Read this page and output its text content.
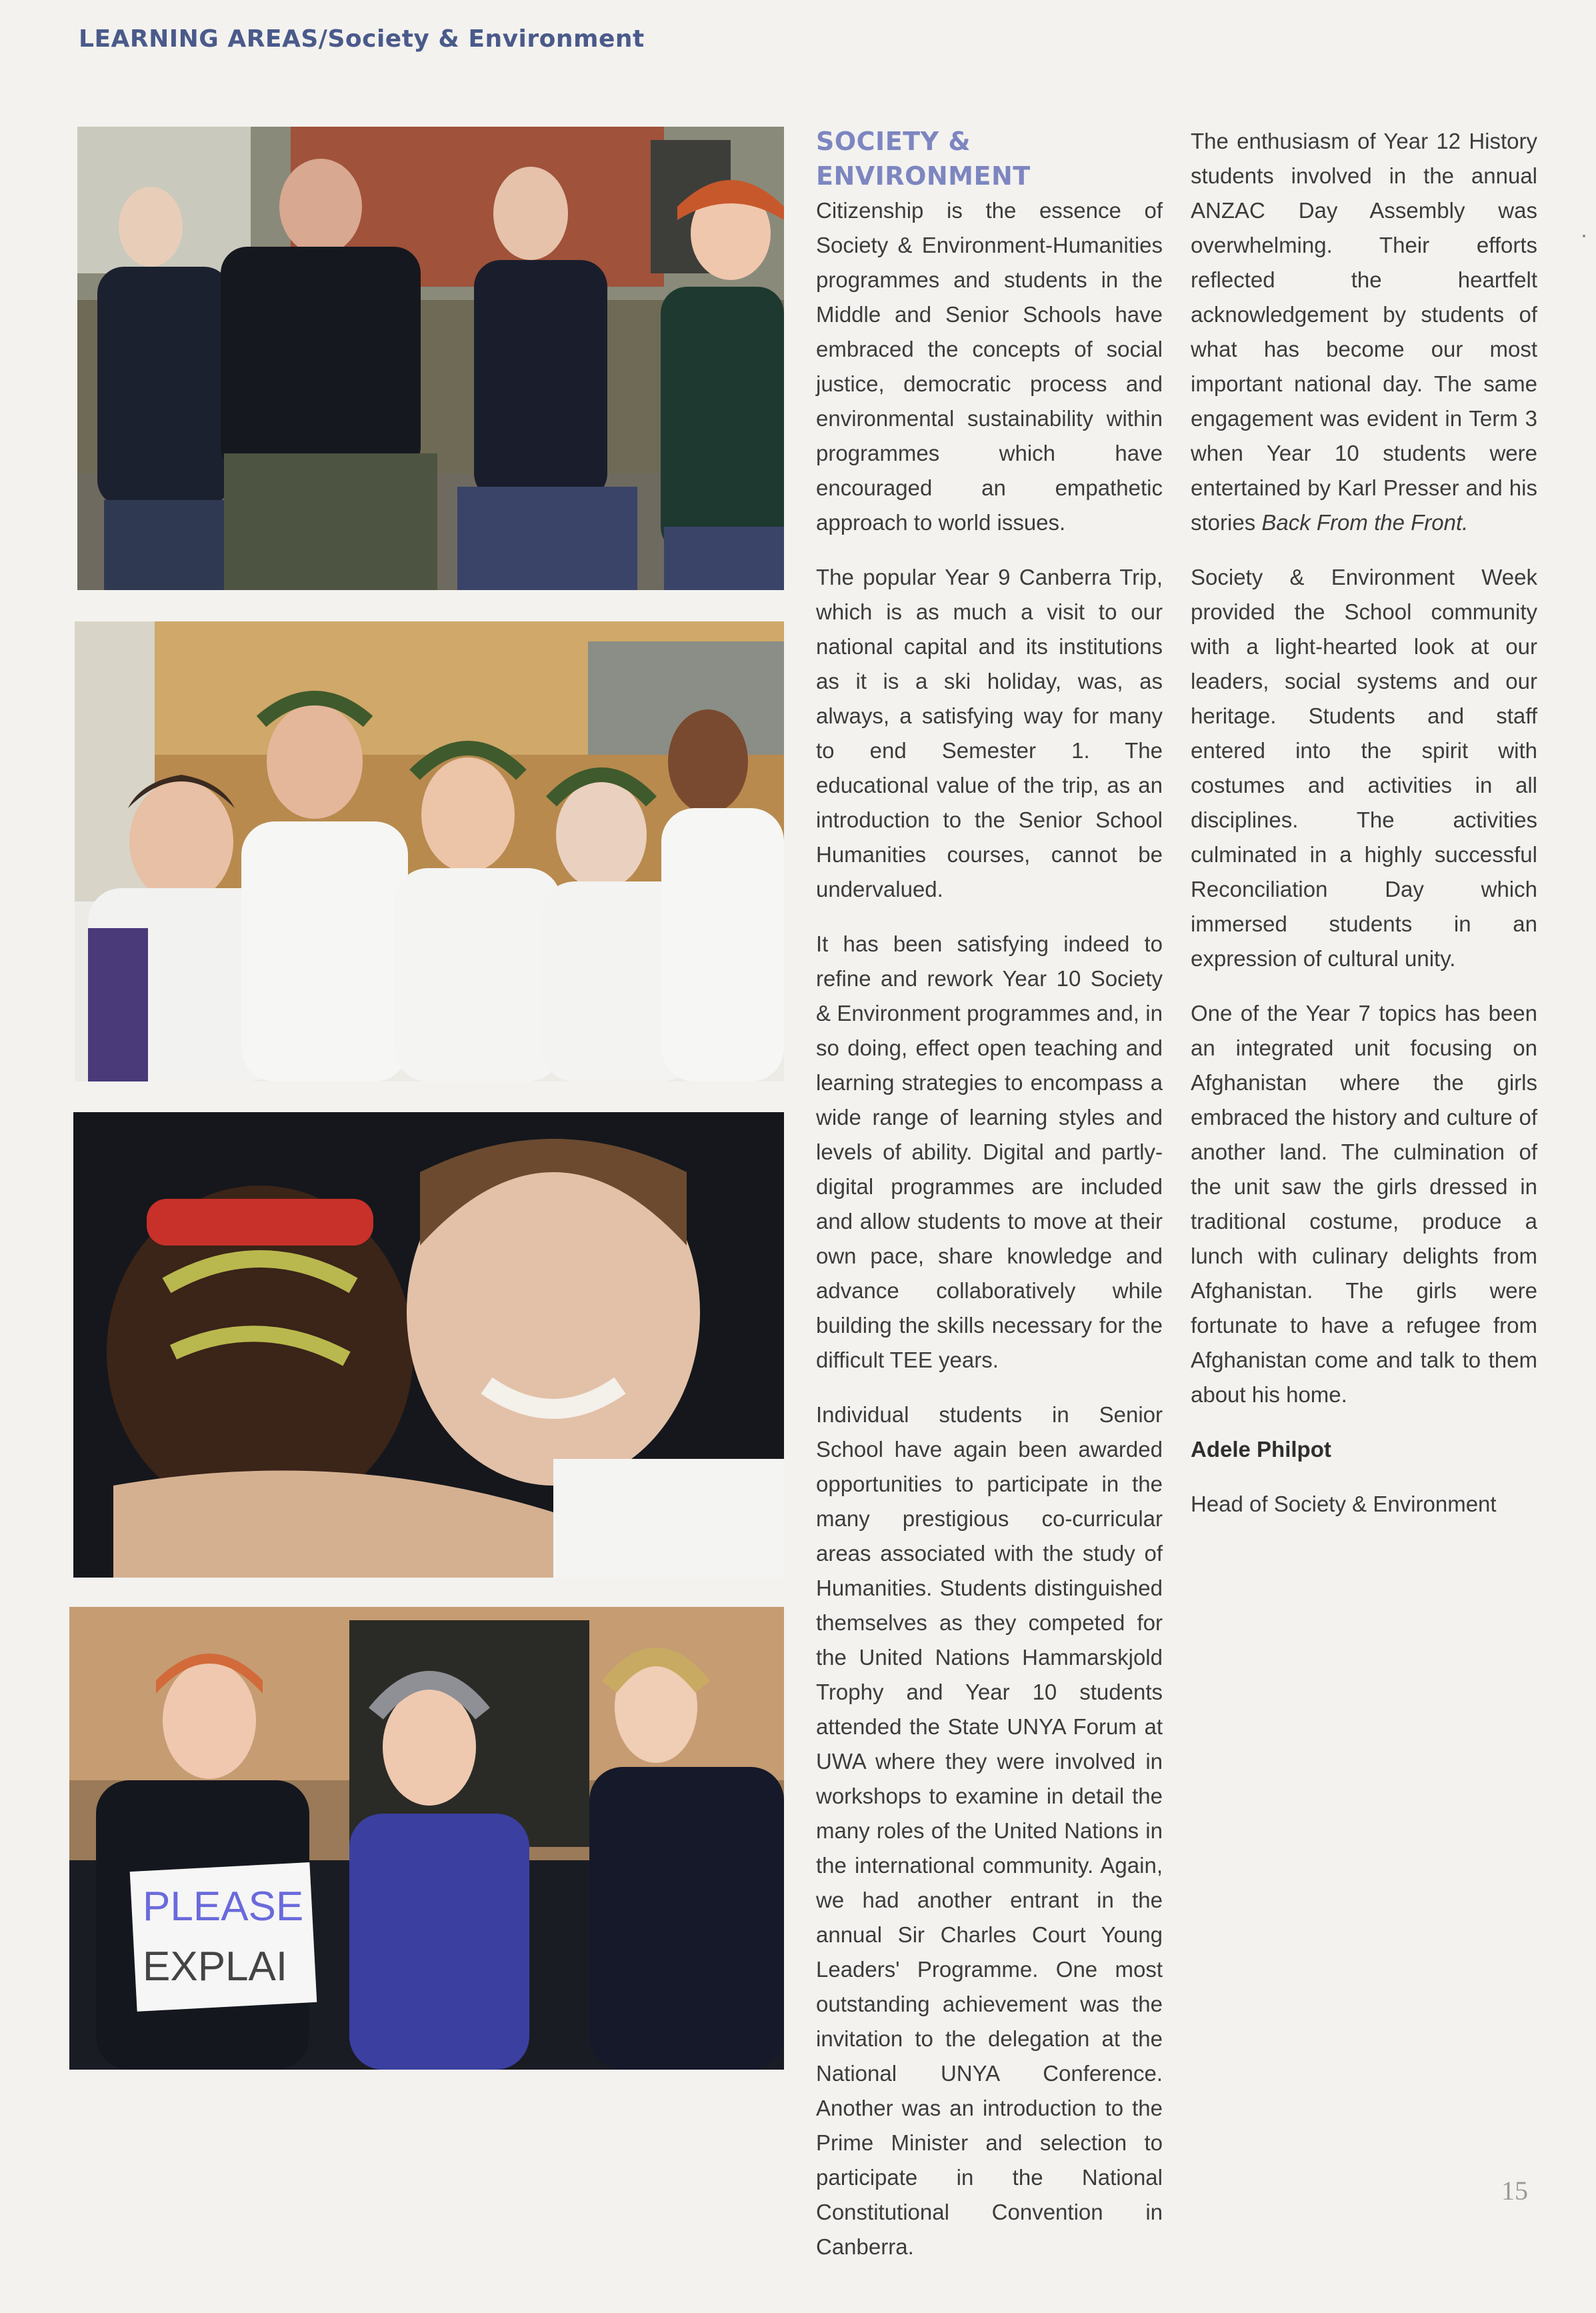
LEARNING AREAS/Society & Environment
PLEASE
EXPLAI
SOCIETY & ENVIRONMENT

Citizenship is the essence of Society & Environment-Humanities programmes and students in the Middle and Senior Schools have embraced the concepts of social justice, democratic process and environmental sustainability within programmes which have encouraged an empathetic approach to world issues.

The popular Year 9 Canberra Trip, which is as much a visit to our national capital and its institutions as it is a ski holiday, was, as always, a satisfying way for many to end Semester 1. The educational value of the trip, as an introduction to the Senior School Humanities courses, cannot be undervalued.

It has been satisfying indeed to refine and rework Year 10 Society & Environment programmes and, in so doing, effect open teaching and learning strategies to encompass a wide range of learning styles and levels of ability. Digital and partly-digital programmes are included and allow students to move at their own pace, share knowledge and advance collaboratively while building the skills necessary for the difficult TEE years.

Individual students in Senior School have again been awarded opportunities to participate in the many prestigious co-curricular areas associated with the study of Humanities. Students distinguished themselves as they competed for the United Nations Hammarskjold Trophy and Year 10 students attended the State UNYA Forum at UWA where they were involved in workshops to examine in detail the many roles of the United Nations in the international community. Again, we had another entrant in the annual Sir Charles Court Young Leaders' Programme. One most outstanding achievement was the invitation to the delegation at the National UNYA Conference. Another was an introduction to the Prime Minister and selection to participate in the National Constitutional Convention in Canberra.

The enthusiasm of Year 12 History students involved in the annual ANZAC Day Assembly was overwhelming. Their efforts reflected the heartfelt acknowledgement by students of what has become our most important national day. The same engagement was evident in Term 3 when Year 10 students were entertained by Karl Presser and his stories Back From the Front.

Society & Environment Week provided the School community with a light-hearted look at our leaders, social systems and our heritage. Students and staff entered into the spirit with costumes and activities in all disciplines. The activities culminated in a highly successful Reconciliation Day which immersed students in an expression of cultural unity.

One of the Year 7 topics has been an integrated unit focusing on Afghanistan where the girls embraced the history and culture of another land. The culmination of the unit saw the girls dressed in traditional costume, produce a lunch with culinary delights from Afghanistan. The girls were fortunate to have a refugee from Afghanistan come and talk to them about his home.

Adele Philpot

Head of Society & Environment

15
